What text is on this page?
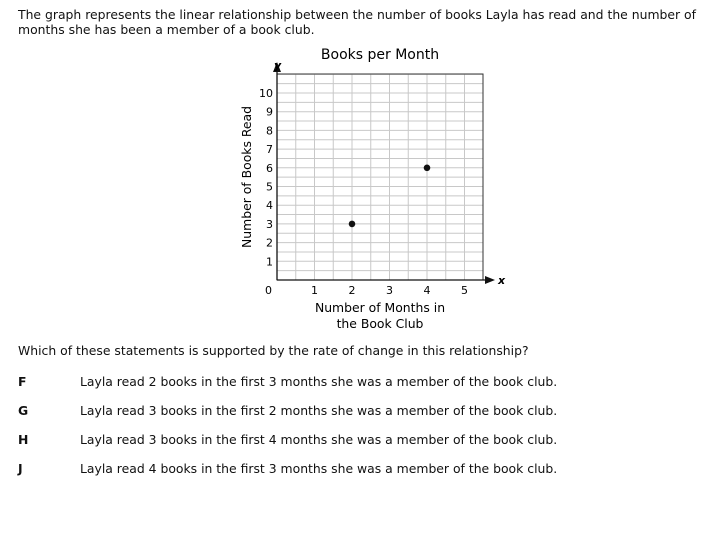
The graph represents the linear relationship between the number of books Layla has read and the number of months she has been a member of a book club.
x
y
0	1	2	3	4	5
1
2
3
4
5
6
7
8
9
10
Books per Month
Number of Months in
the Book Club
Number of Books Read
Which of these statements is supported by the rate of change in this relationship?
F	Layla read 2 books in the first 3 months she was a member of the book club.
G	Layla read 3 books in the first 2 months she was a member of the book club.
H	Layla read 3 books in the first 4 months she was a member of the book club.
J	Layla read 4 books in the first 3 months she was a member of the book club.
